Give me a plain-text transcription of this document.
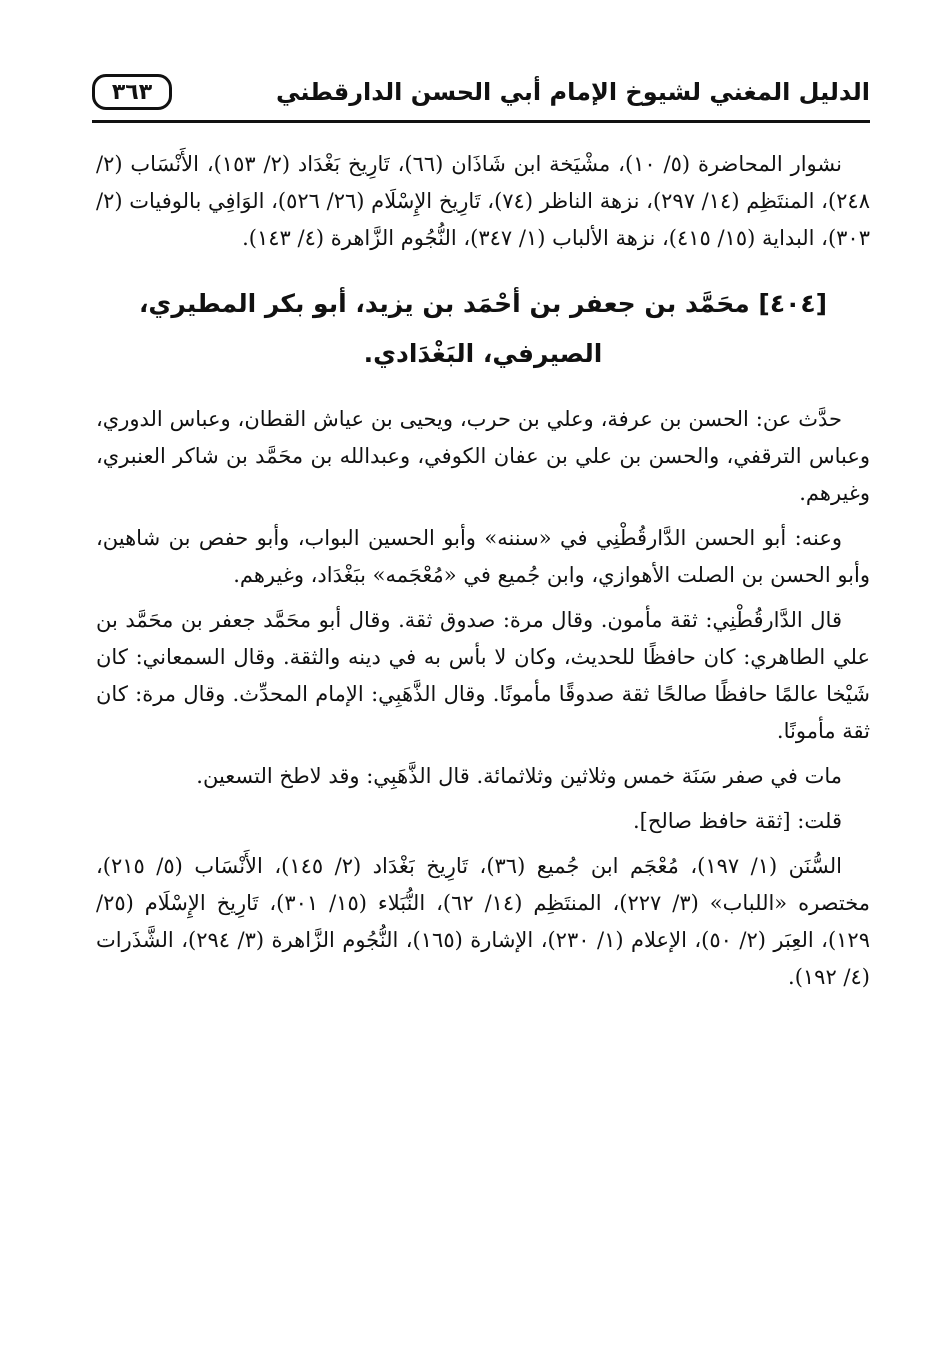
الدليل المغني لشيوخ الإمام أبي الحسن الدارقطني
٣٦٣

نشوار المحاضرة (٥/ ١٠)، مشْيَخة ابن شَاذَان (٦٦)، تَارِيخ بَغْدَاد (٢/ ١٥٣)، الأَنْسَاب (٢/ ٢٤٨)، المنتَظِم (١٤/ ٢٩٧)، نزهة الناظر (٧٤)، تَارِيخ الإِسْلَام (٢٦/ ٥٢٦)، الوَافِي بالوفيات (٢/ ٣٠٣)، البداية (١٥/ ٤١٥)، نزهة الألباب (١/ ٣٤٧)، النُّجُوم الزَّاهرة (٤/ ١٤٣).

[٤٠٤] محَمَّد بن جعفر بن أحْمَد بن يزيد، أبو بكر المطيري، الصيرفي، البَغْدَادي.

حدَّث عن: الحسن بن عرفة، وعلي بن حرب، ويحيى بن عياش القطان، وعباس الدوري، وعباس الترقفي، والحسن بن علي بن عفان الكوفي، وعبدالله بن محَمَّد بن شاكر العنبري، وغيرهم.

وعنه: أبو الحسن الدَّارقُطْنِي في «سننه» وأبو الحسين البواب، وأبو حفص بن شاهين، وأبو الحسن بن الصلت الأهوازي، وابن جُميع في «مُعْجَمه» ببَغْدَاد، وغيرهم.

قال الدَّارقُطْنِي: ثقة مأمون. وقال مرة: صدوق ثقة. وقال أبو محَمَّد جعفر بن محَمَّد بن علي الطاهري: كان حافظًا للحديث، وكان لا بأس به في دينه والثقة. وقال السمعاني: كان شَيْخا عالمًا حافظًا صالحًا ثقة صدوقًا مأمونًا. وقال الذَّهَبِي: الإمام المحدِّث. وقال مرة: كان ثقة مأمونًا.

مات في صفر سَنَة خمس وثلاثين وثلاثمائة. قال الذَّهَبِي: وقد لاطخ التسعين.

قلت: [ثقة حافظ صالح].

السُّنَن (١/ ١٩٧)، مُعْجَم ابن جُميع (٣٦)، تَارِيخ بَغْدَاد (٢/ ١٤٥)، الأَنْسَاب (٥/ ٢١٥)، مختصره «اللباب» (٣/ ٢٢٧)، المنتَظِم (١٤/ ٦٢)، النُّبَلاء (١٥/ ٣٠١)، تَارِيخ الإِسْلَام (٢٥/ ١٢٩)، العِبَر (٢/ ٥٠)، الإعلام (١/ ٢٣٠)، الإشارة (١٦٥)، النُّجُوم الزَّاهرة (٣/ ٢٩٤)، الشَّذَرات (٤/ ١٩٢).
